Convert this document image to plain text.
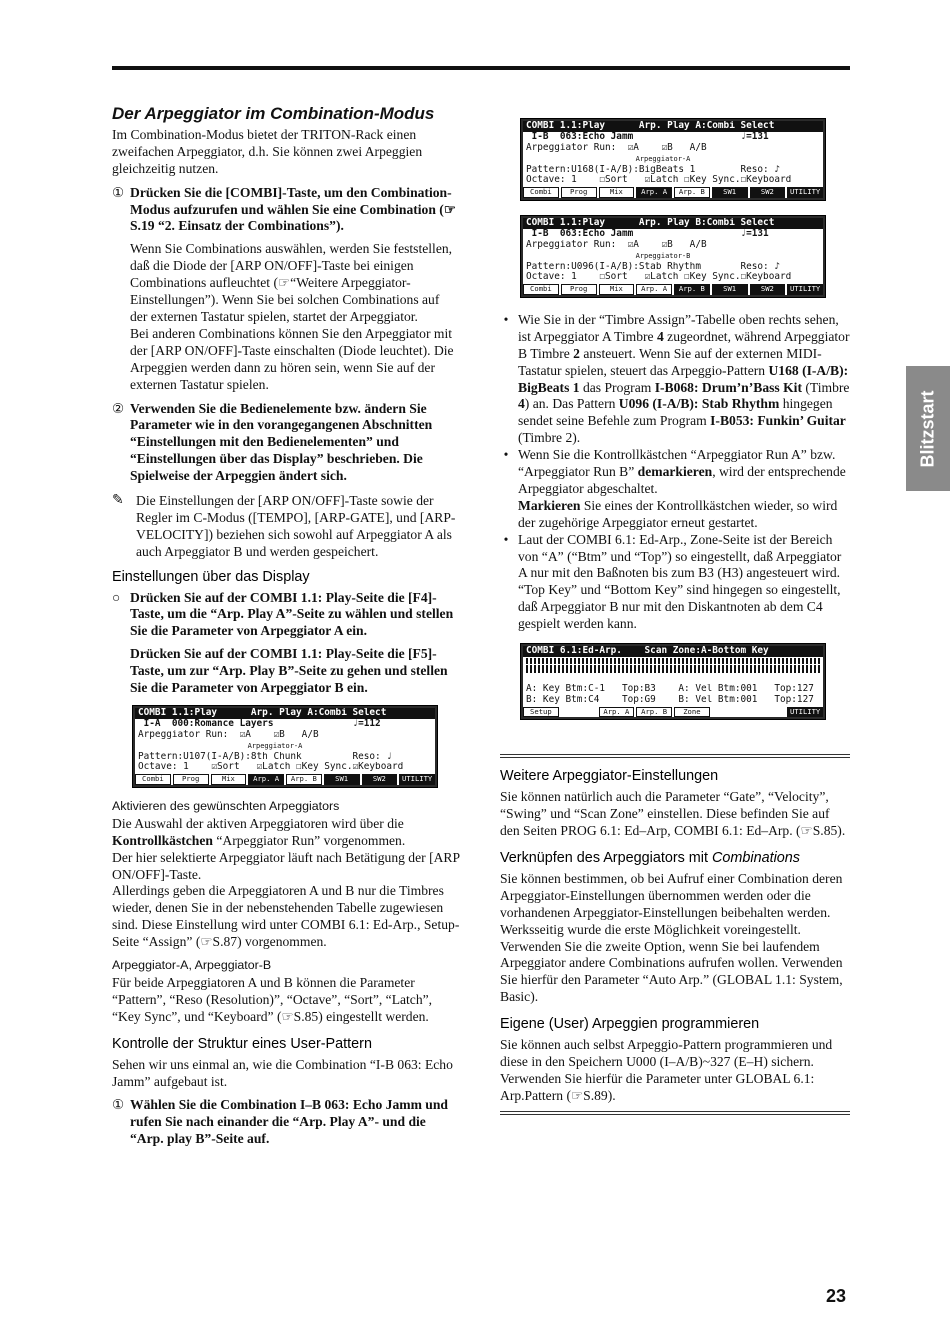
Der Arpeggiator im Combination-Modus

Im Combination-Modus bietet der TRITON-Rack einen zweifachen Arpeggiator, d.h. Sie können zwei Arpeggien gleichzeitig nutzen.

① Drücken Sie die [COMBI]-Taste, um den Combination-Modus aufzurufen und wählen Sie eine Combination (☞S.19 “2. Einsatz der Combinations”).

Wenn Sie Combinations auswählen, werden Sie feststellen, daß die Diode der [ARP ON/OFF]-Taste bei einigen Combinations aufleuchtet (☞“Weitere Arpeggiator-Einstellungen”). Wenn Sie bei solchen Combinations auf der externen Tastatur spielen, startet der Arpeggiator.

Bei anderen Combinations können Sie den Arpeggiator mit der [ARP ON/OFF]-Taste einschalten (Diode leuchtet). Die Arpeggien werden dann zu hören sein, wenn Sie auf der externen Tastatur spielen.

② Verwenden Sie die Bedienelemente bzw. ändern Sie Parameter wie in den vorangegangenen Abschnitten “Einstellungen mit den Bedienelementen” und “Einstellungen über das Display” beschrieben. Die Spielweise der Arpeggien ändert sich.
✎ Die Einstellungen der [ARP ON/OFF]-Taste sowie der Regler im C-Modus ([TEMPO], [ARP-GATE], und [ARP-VELOCITY]) beziehen sich sowohl auf Arpeggiator A als auch Arpeggiator B und werden gespeichert.

Einstellungen über das Display
○ Drücken Sie auf der COMBI 1.1: Play-Seite die [F4]-Taste, um die “Arp. Play A”-Seite zu wählen und stellen Sie die Parameter von Arpeggiator A ein.
Drücken Sie auf der COMBI 1.1: Play-Seite die [F5]-Taste, um zur “Arp. Play B”-Seite zu gehen und stellen Sie die Parameter von Arpeggiator B ein.
COMBI 1.1:Play      Arp. Play A:Combi Select
I-A  000:Romance Layers              ♩=112
Arpeggiator Run:  ☑A    ☑B   A/B
Arpeggiator-A
Pattern:U107(I-A/B):8th Chunk         Reso: ♩
Octave: 1    ☑Sort   ☑Latch ☐Key Sync.☑Keyboard
Combi	Prog	Mix	Arp. A	Arp. B	SW1	SW2	UTILITY
Aktivieren des gewünschten Arpeggiators

Die Auswahl der aktiven Arpeggiatoren wird über die Kontrollkästchen “Arpeggiator Run” vorgenommen.

Der hier selektierte Arpeggiator läuft nach Betätigung der [ARP ON/OFF]-Taste.

Allerdings geben die Arpeggiatoren A und B nur die Timbres wieder, denen Sie in der nebenstehenden Tabelle zugewiesen sind. Diese Einstellung wird unter COMBI 6.1: Ed-Arp., Setup-Seite “Assign” (☞S.87) vorgenommen.

Arpeggiator-A, Arpeggiator-B

Für beide Arpeggiatoren A und B können die Parameter “Pattern”, “Reso (Resolution)”, “Octave”, “Sort”, “Latch”, “Key Sync”, und “Keyboard” (☞S.85) eingestellt werden.

Kontrolle der Struktur eines User-Pattern

Sehen wir uns einmal an, wie die Combination “I-B 063: Echo Jamm” aufgebaut ist.

① Wählen Sie die Combination I–B 063: Echo Jamm und rufen Sie nach einander die “Arp. Play A”- und die “Arp. play B”-Seite auf.
COMBI 1.1:Play      Arp. Play A:Combi Select
I-B  063:Echo Jamm                   ♩=131
Arpeggiator Run:  ☑A    ☑B   A/B
Arpeggiator-A
Pattern:U168(I-A/B):BigBeats 1        Reso: ♪
Octave: 1    ☐Sort   ☑Latch ☐Key Sync.☐Keyboard
Combi	Prog	Mix	Arp. A	Arp. B	SW1	SW2	UTILITY
COMBI 1.1:Play      Arp. Play B:Combi Select
I-B  063:Echo Jamm                   ♩=131
Arpeggiator Run:  ☑A    ☑B   A/B
Arpeggiator-B
Pattern:U096(I-A/B):Stab Rhythm       Reso: ♪
Octave: 1    ☐Sort   ☑Latch ☐Key Sync.☐Keyboard
Combi	Prog	Mix	Arp. A	Arp. B	SW1	SW2	UTILITY
• Wie Sie in der “Timbre Assign”-Tabelle oben rechts sehen, ist Arpeggiator A Timbre 4 zugeordnet, während Arpeggiator B Timbre 2 ansteuert. Wenn Sie auf der externen MIDI-Tastatur spielen, steuert das Arpeggio-Pattern U168 (I-A/B): BigBeats 1 das Program I-B068: Drum’n’Bass Kit (Timbre 4) an. Das Pattern U096 (I-A/B): Stab Rhythm hingegen sendet seine Befehle zum Program I-B053: Funkin’ Guitar (Timbre 2).

• Wenn Sie die Kontrollkästchen “Arpeggiator Run A” bzw. “Arpeggiator Run B” demarkieren, wird der entsprechende Arpeggiator abgeschaltet.
Markieren Sie eines der Kontrollkästchen wieder, so wird der zugehörige Arpeggiator erneut gestartet.

• Laut der COMBI 6.1: Ed-Arp., Zone-Seite ist der Bereich von “A” (“Btm” und “Top”) so eingestellt, daß Arpeggiator A nur mit den Baßnoten bis zum B3 (H3) angesteuert wird. “Top Key” und “Bottom Key” sind hingegen so eingestellt, daß Arpeggiator B nur mit den Diskantnoten ab dem C4 gespielt werden kann.

COMBI 6.1:Ed-Arp.    Scan Zone:A-Bottom Key
A: Key Btm:C-1   Top:B3    A: Vel Btm:001   Top:127
B: Key Btm:C4    Top:G9    B: Vel Btm:001   Top:127
Setup	Arp. A	Arp. B	Zone	UTILITY
Weitere Arpeggiator-Einstellungen

Sie können natürlich auch die Parameter “Gate”, “Velocity”, “Swing” und “Scan Zone” einstellen. Diese befinden Sie auf den Seiten PROG 6.1: Ed–Arp, COMBI 6.1: Ed–Arp. (☞S.85).

Verknüpfen des Arpeggiators mit Combinations

Sie können bestimmen, ob bei Aufruf einer Combination deren Arpeggiator-Einstellungen übernommen werden oder die vorhandenen Arpeggiator-Einstellungen beibehalten werden.

Werksseitig wurde die erste Möglichkeit voreingestellt. Verwenden Sie die zweite Option, wenn Sie bei laufendem Arpeggiator andere Combinations aufrufen wollen. Verwenden Sie hierfür den Parameter “Auto Arp.” (GLOBAL 1.1: System, Basic).

Eigene (User) Arpeggien programmieren

Sie können auch selbst Arpeggio-Pattern programmieren und diese in den Speichern U000 (I–A/B)~327 (E–H) sichern.

Verwenden Sie hierfür die Parameter unter GLOBAL 6.1: Arp.Pattern (☞S.89).

Blitzstart
23
